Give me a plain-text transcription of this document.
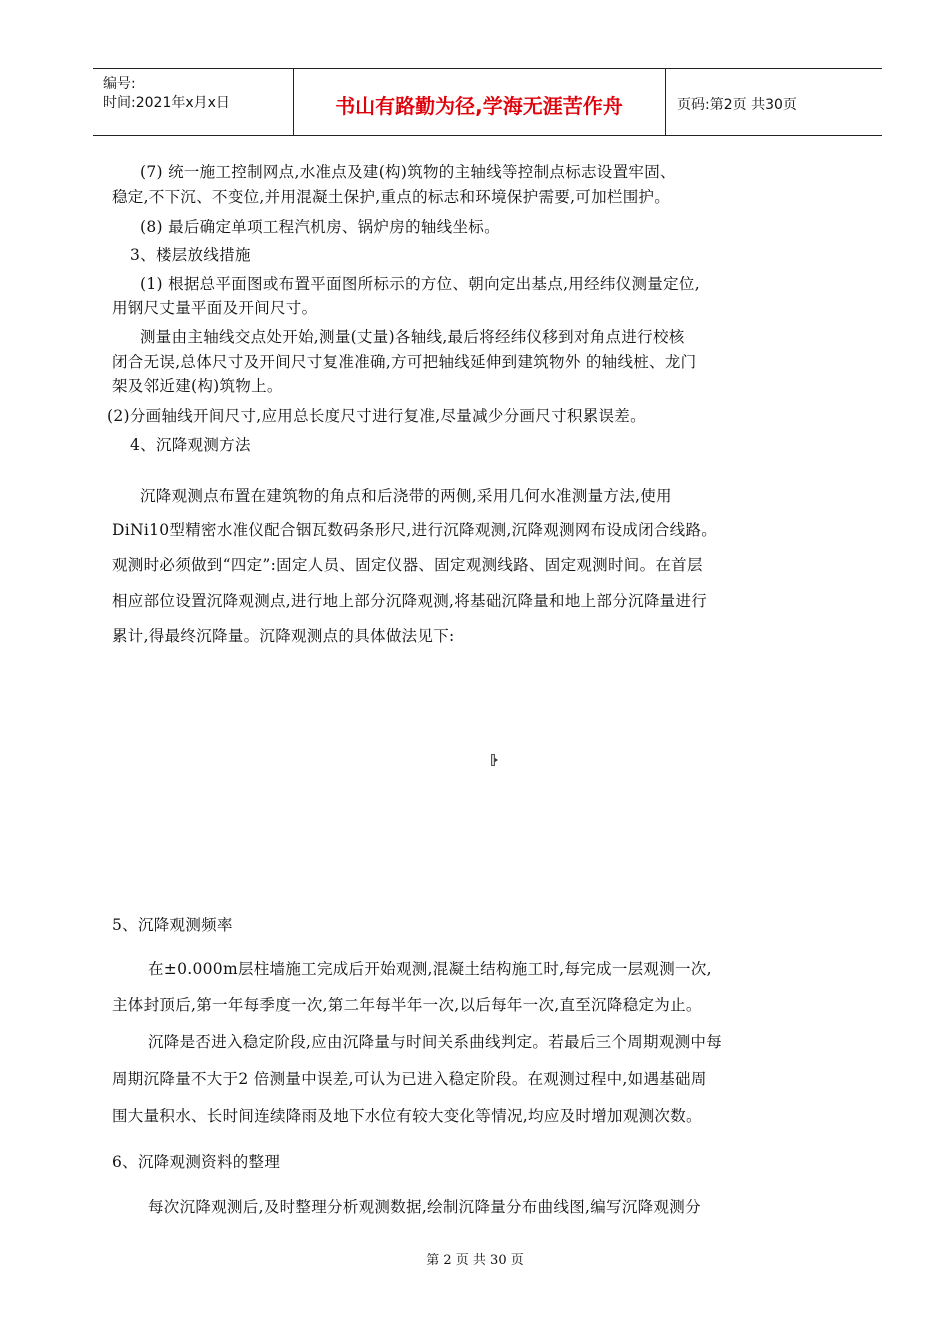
编号:
时间:2021年x月x日	书山有路勤为径,学海无涯苦作舟	页码:第2页 共30页
(7) 统一施工控制网点,水准点及建(构)筑物的主轴线等控制点标志设置牢固、
稳定,不下沉、不变位,并用混凝土保护,重点的标志和环境保护需要,可加栏围护。
(8) 最后确定单项工程汽机房、锅炉房的轴线坐标。
3、楼层放线措施
(1) 根据总平面图或布置平面图所标示的方位、朝向定出基点,用经纬仪测量定位,
用钢尺丈量平面及开间尺寸。
测量由主轴线交点处开始,测量(丈量)各轴线,最后将经纬仪移到对角点进行校核
闭合无误,总体尺寸及开间尺寸复准准确,方可把轴线延伸到建筑物外 的轴线桩、龙门
架及邻近建(构)筑物上。
(2)分画轴线开间尺寸,应用总长度尺寸进行复准,尽量减少分画尺寸积累误差。
4、沉降观测方法
沉降观测点布置在建筑物的角点和后浇带的两侧,采用几何水准测量方法,使用
DiNi10型精密水准仪配合铟瓦数码条形尺,进行沉降观测,沉降观测网布设成闭合线路。
观测时必须做到“四定”:固定人员、固定仪器、固定观测线路、固定观测时间。在首层
相应部位设置沉降观测点,进行地上部分沉降观测,将基础沉降量和地上部分沉降量进行
累计,得最终沉降量。沉降观测点的具体做法见下:
5、沉降观测频率
在±0.000m层柱墙施工完成后开始观测,混凝土结构施工时,每完成一层观测一次,
主体封顶后,第一年每季度一次,第二年每半年一次,以后每年一次,直至沉降稳定为止。
沉降是否进入稳定阶段,应由沉降量与时间关系曲线判定。若最后三个周期观测中每
周期沉降量不大于2 倍测量中误差,可认为已进入稳定阶段。在观测过程中,如遇基础周
围大量积水、长时间连续降雨及地下水位有较大变化等情况,均应及时增加观测次数。
6、沉降观测资料的整理
每次沉降观测后,及时整理分析观测数据,绘制沉降量分布曲线图,编写沉降观测分
第 2 页 共 30 页
